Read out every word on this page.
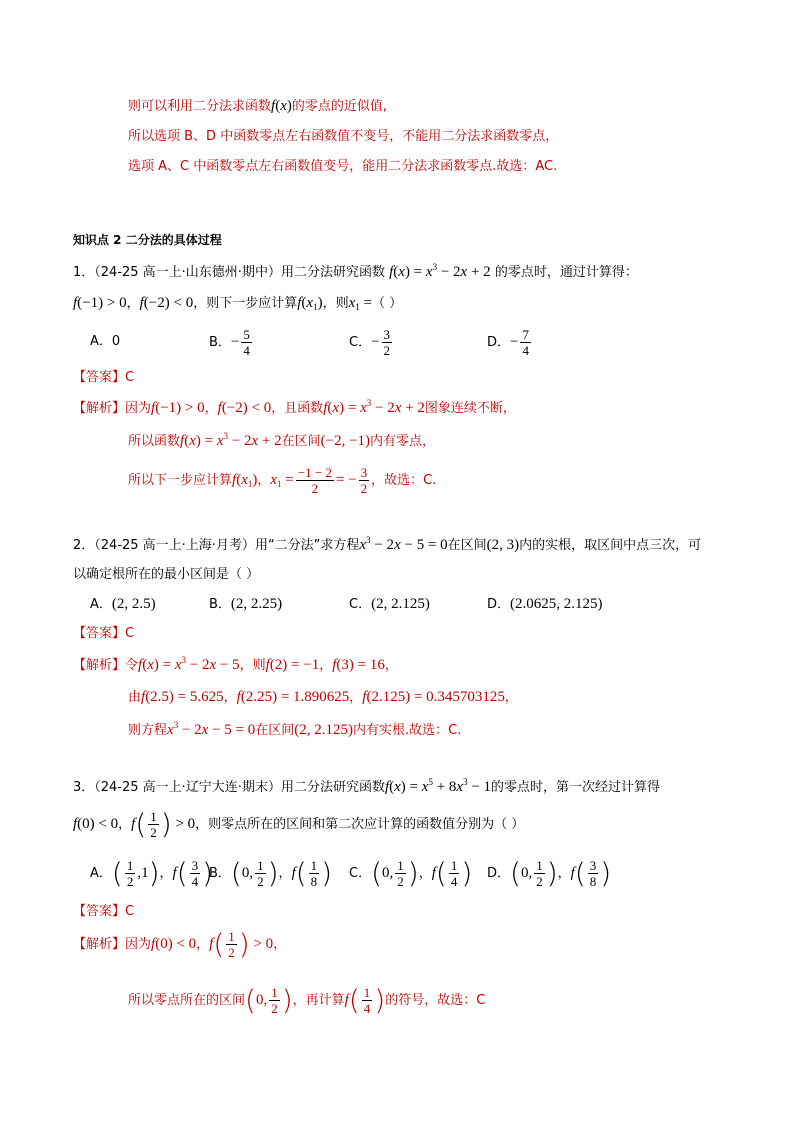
则可以利用二分法求函数f(x)的零点的近似值,
所以选项 B、D 中函数零点左右函数值不变号，不能用二分法求函数零点，
选项 A、C 中函数零点左右函数值变号，能用二分法求函数零点.故选：AC.
知识点 2 二分法的具体过程
1．（24-25 高一上·山东德州·期中）用二分法研究函数 $f(x) = x^3 - 2x + 2$ 的零点时，通过计算得：
f(−1) > 0，f(−2) < 0，则下一步应计算$f(x_1)$，则$x_1$ =（ ）
A．0	B．− $\frac{5}{4}$	C．− $\frac{3}{2}$	D．− $\frac{7}{4}$
【答案】C
【解析】因为f(−1) > 0，f(−2) < 0，且函数$f(x) = x^3 - 2x + 2$图象连续不断，
所以函数$f(x) = x^3 - 2x + 2$在区间(−2, −1)内有零点，
所以下一步应计算$f(x_1)$，$x_1 = \frac{-1 - 2}{2}$ = − $\frac{3}{2}$ ，故选：C.
2．（24-25 高一上·上海·月考）用“二分法”求方程$x^3 - 2x - 5 = 0$在区间(2, 3)内的实根，取区间中点三次，可
以确定根所在的最小区间是（ ）
A．(2, 2.5)	B．(2, 2.25)	C．(2, 2.125)	D．(2.0625, 2.125)
【答案】C
【解析】令$f(x) = x^3 - 2x - 5$，则f(2) = −1，f(3) = 16，
由f(2.5) = 5.625，f(2.25) = 1.890625，f(2.125) = 0.345703125，
则方程$x^3 - 2x - 5 = 0$在区间(2, 2.125)内有实根.故选：C.
3．（24-25 高一上·辽宁大连·期末）用二分法研究函数$f(x) = x^5 + 8x^3 - 1$的零点时，第一次经过计算得
f(0) < 0，$f( \frac{1}{2}$ ) > 0，则零点所在的区间和第二次应计算的函数值分别为（ ）
A．( $\frac{1}{2} ,1$)，$f( \frac{3}{4}$ )
B．(0, $\frac{1}{2}$ )，$f( \frac{1}{8}$ ) C．(0, $\frac{1}{2}$ )，$f( \frac{1}{4}$ ) D．(0, $\frac{1}{2}$ )，$f( \frac{3}{8}$ )
【答案】C
【解析】因为f(0) < 0，$f( \frac{1}{2}$ ) > 0，
所以零点所在的区间(0, $\frac{1}{2}$ )，再计算$f( \frac{1}{4}$ )的符号，故选：C
